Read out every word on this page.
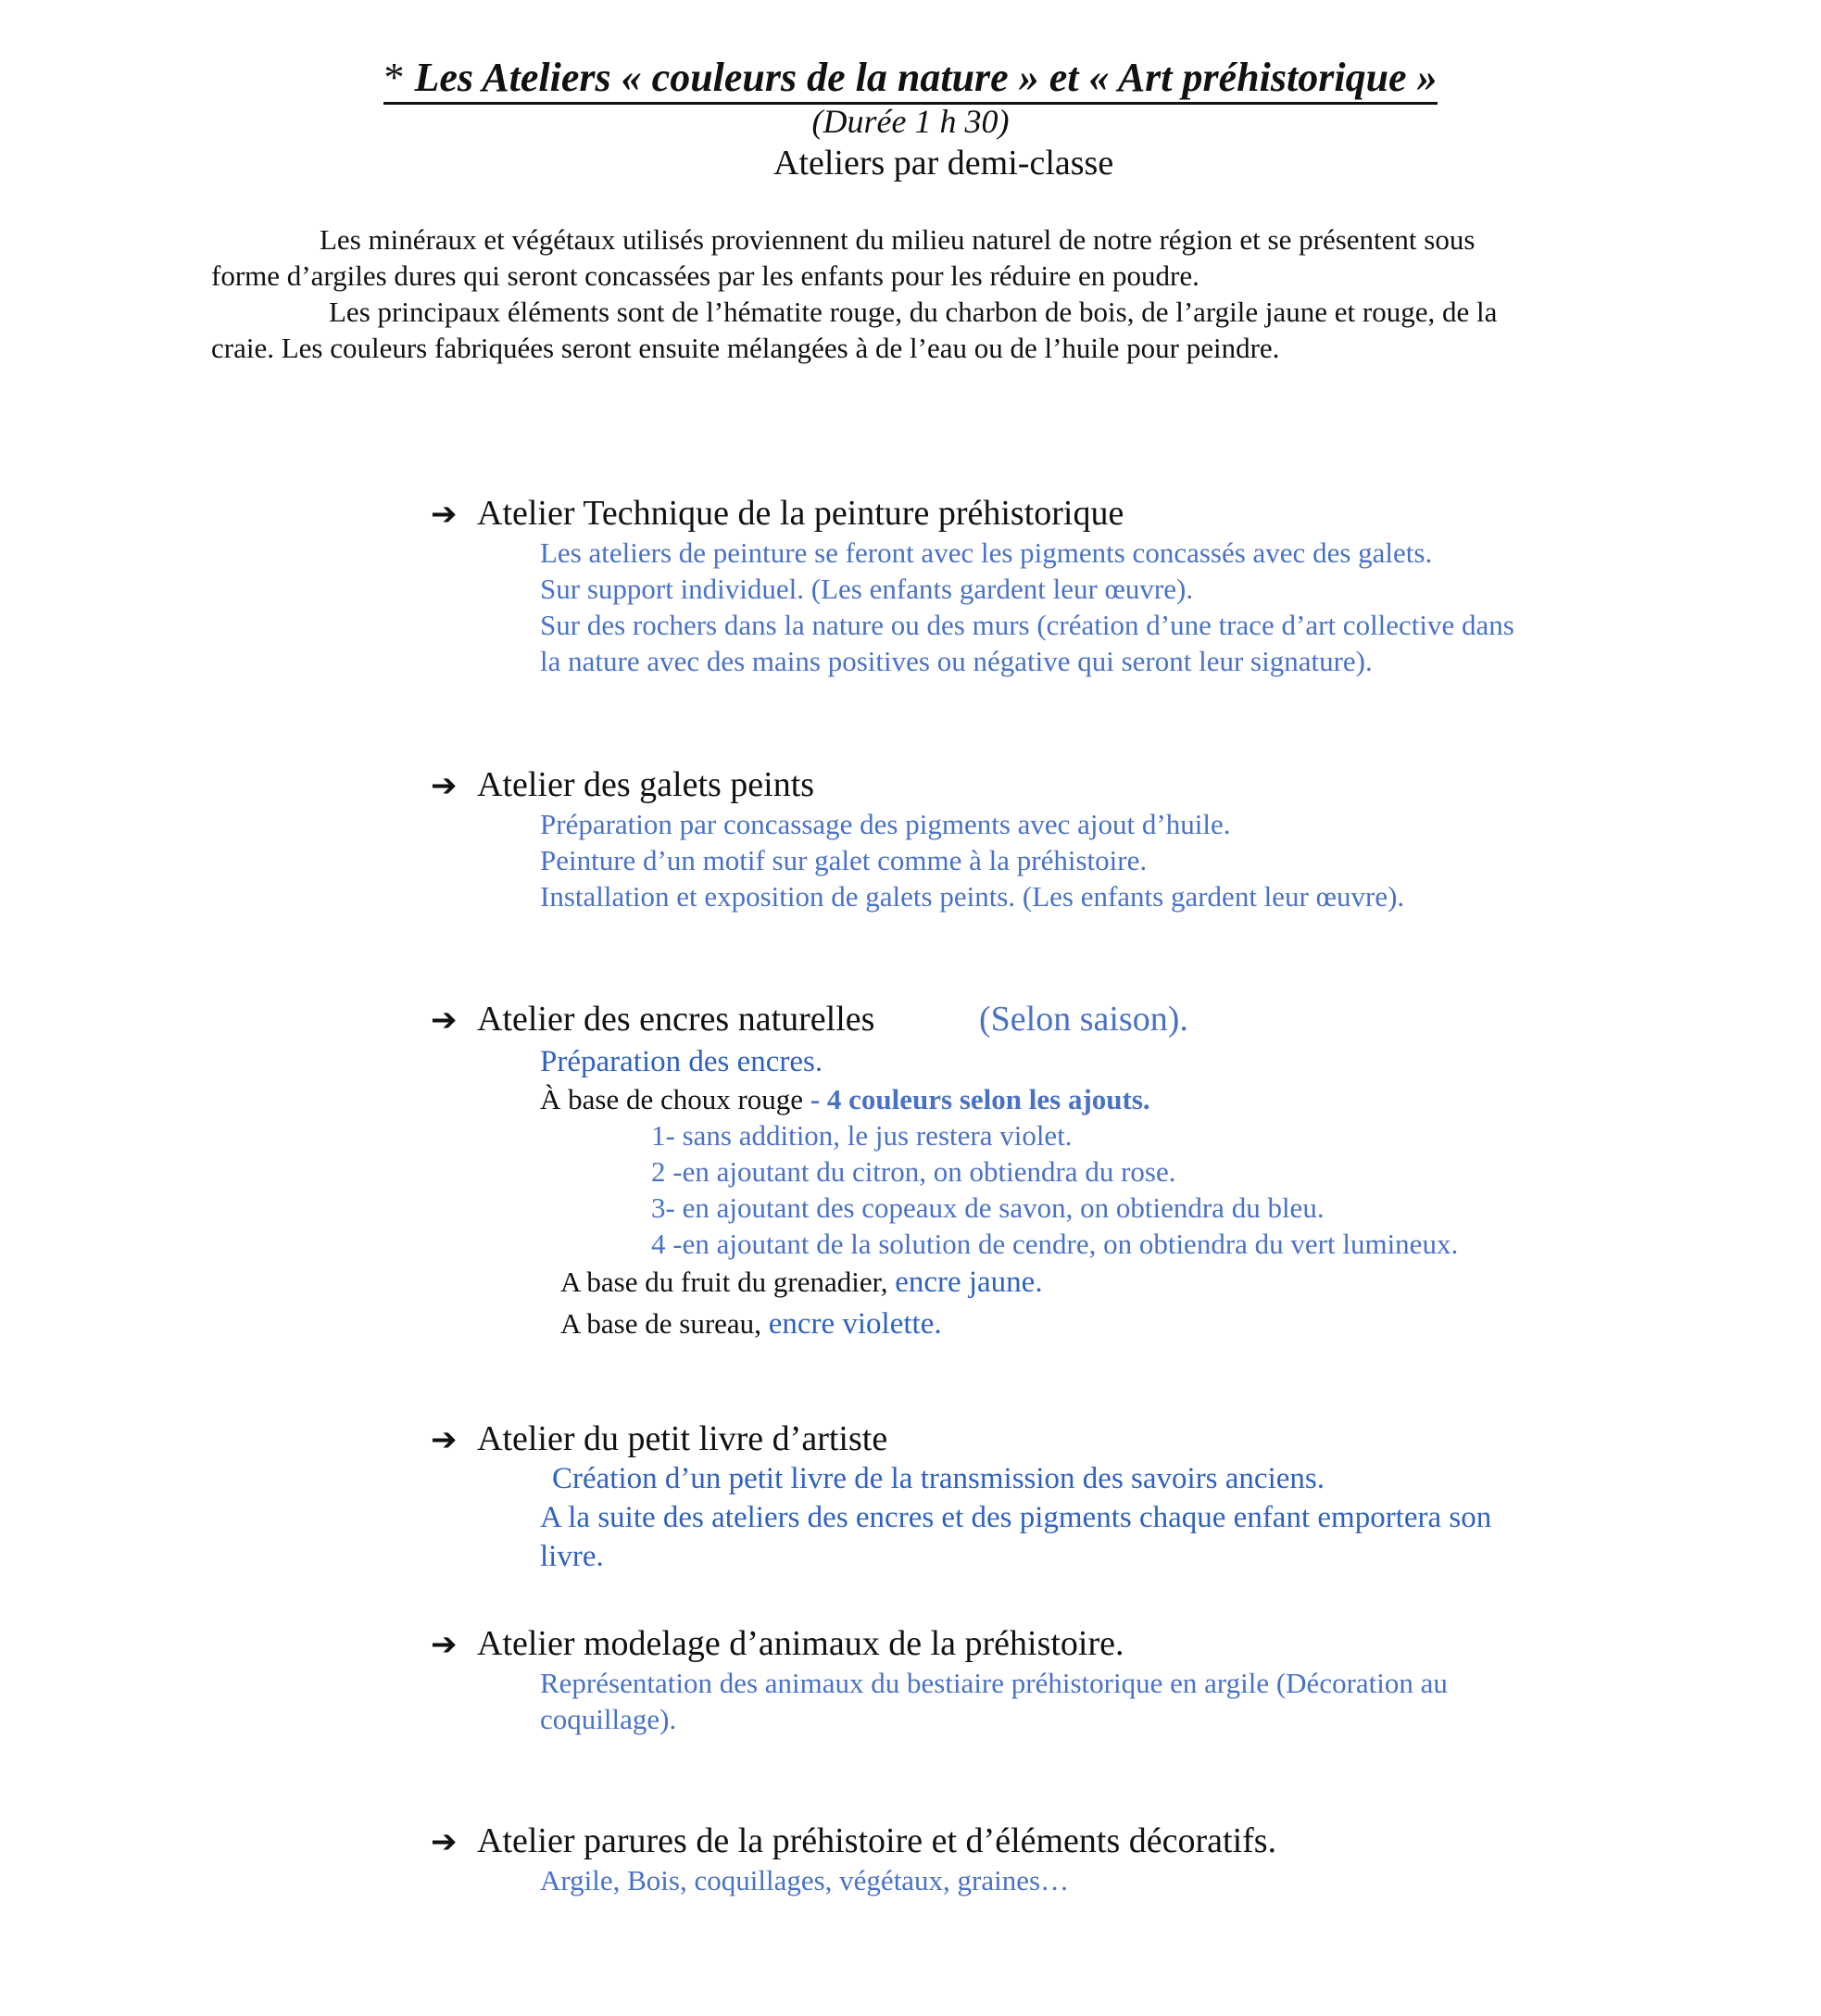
* Les Ateliers « couleurs de la nature » et « Art préhistorique »
(Durée 1 h 30)
Ateliers par demi-classe
Les minéraux et végétaux utilisés proviennent du milieu naturel de notre région et se présentent sous
forme d’argiles dures qui seront concassées par les enfants pour les réduire en poudre.
Les principaux éléments sont de l’hématite rouge, du charbon de bois, de l’argile jaune et rouge, de la
craie. Les couleurs fabriquées seront ensuite mélangées à de l’eau ou de l’huile pour peindre.
➔ Atelier Technique de la peinture préhistorique
Les ateliers de peinture se feront avec les pigments concassés avec des galets.
Sur support individuel. (Les enfants gardent leur œuvre).
Sur des rochers dans la nature ou des murs (création d’une trace d’art collective dans
la nature avec des mains positives ou négative qui seront leur signature).
➔ Atelier des galets peints
Préparation par concassage des pigments avec ajout d’huile.
Peinture d’un motif sur galet comme à la préhistoire.
Installation et exposition de galets peints. (Les enfants gardent leur œuvre).
➔ Atelier des encres naturelles	(Selon saison).
Préparation des encres.
À base de choux rouge - 4 couleurs selon les ajouts.
1- sans addition, le jus restera violet.
2 -en ajoutant du citron, on obtiendra du rose.
3- en ajoutant des copeaux de savon, on obtiendra du bleu.
4 -en ajoutant de la solution de cendre, on obtiendra du vert lumineux.
A base du fruit du grenadier, encre jaune.
A base de sureau, encre violette.
➔ Atelier du petit livre d’artiste
Création d’un petit livre de la transmission des savoirs anciens.
A la suite des ateliers des encres et des pigments chaque enfant emportera son
livre.
➔ Atelier modelage d’animaux de la préhistoire.
Représentation des animaux du bestiaire préhistorique en argile (Décoration au
coquillage).
➔ Atelier parures de la préhistoire et d’éléments décoratifs.
Argile, Bois, coquillages, végétaux, graines…
